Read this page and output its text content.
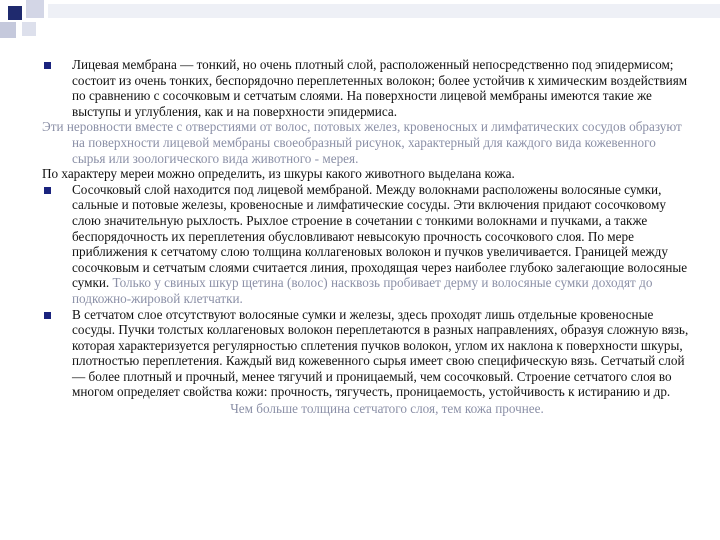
Лицевая мембрана — тонкий, но очень плотный слой, расположенный непосредственно под эпидермисом; состоит из очень тонких, беспорядочно переплетенных волокон; более устойчив к химическим воздействиям по сравнению с сосочковым и сетчатым слоями. На поверхности лицевой мембраны имеются такие же выступы и углубления, как и на поверхности эпидермиса.

Эти неровности вместе с отверстиями от волос, потовых желез, кровеносных и лимфатических сосудов образуют на поверхности лицевой мембраны своеобразный рисунок, характерный для каждого вида кожевенного сырья или зоологического вида животного - мерея.

По характеру мереи можно определить, из шкуры какого животного выделана кожа.

Сосочковый слой находится под лицевой мембраной. Между волокнами расположены волосяные сумки, сальные и потовые железы, кровеносные и лимфатические сосуды. Эти включения придают сосочковому слою значительную рыхлость. Рыхлое строение в сочетании с тонкими волокнами и пучками, а также беспорядочность их переплетения обусловливают невысокую прочность сосочкового слоя. По мере приближения к сетчатому слою толщина коллагеновых волокон и пучков увеличивается. Границей между сосочковым и сетчатым слоями считается линия, проходящая через наиболее глубоко залегающие волосяные сумки. Только у свиных шкур щетина (волос) насквозь пробивает дерму и волосяные сумки доходят до подкожно-жировой клетчатки.

В сетчатом слое отсутствуют волосяные сумки и железы, здесь проходят лишь отдельные кровеносные сосуды. Пучки толстых коллагеновых волокон переплетаются в разных направлениях, образуя сложную вязь, которая характеризуется регулярностью сплетения пучков волокон, углом их наклона к поверхности шкуры, плотностью переплетения. Каждый вид кожевенного сырья имеет свою специфическую вязь. Сетчатый слой — более плотный и прочный, менее тягучий и проницаемый, чем сосочковый. Строение сетчатого слоя во многом определяет свойства кожи: прочность, тягучесть, проницаемость, устойчивость к истиранию и др.

Чем больше толщина сетчатого слоя, тем кожа прочнее.
